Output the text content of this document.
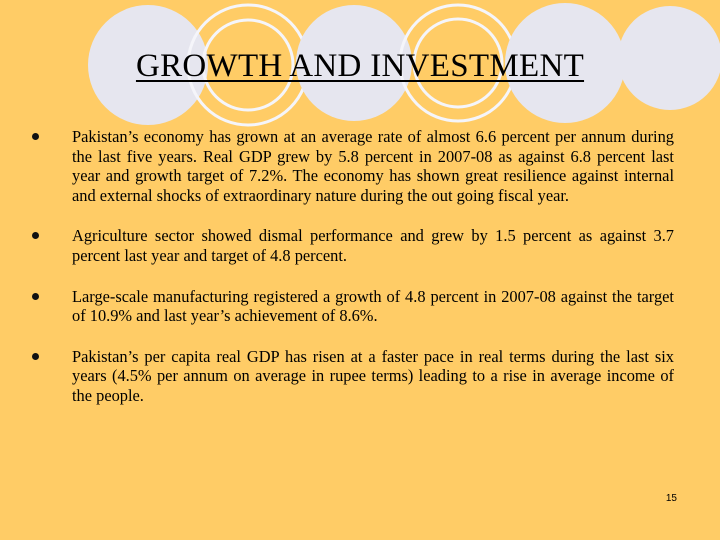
GROWTH AND INVESTMENT
Pakistan’s economy has grown at an average rate of almost 6.6 percent per annum during the last five years. Real GDP grew by 5.8 percent in 2007-08 as against 6.8 percent last year and growth target of 7.2%. The economy has shown great resilience against internal and external shocks of extraordinary nature during the out going fiscal year.
Agriculture sector showed dismal performance and grew by 1.5 percent as against 3.7 percent last year and target of 4.8 percent.
Large-scale manufacturing registered a growth of 4.8 percent in 2007-08 against the target of 10.9% and last year’s achievement of 8.6%.
Pakistan’s per capita real GDP has risen at a faster pace in real terms during the last six years (4.5% per annum on average in rupee terms) leading to a rise in average income of the people.
15
